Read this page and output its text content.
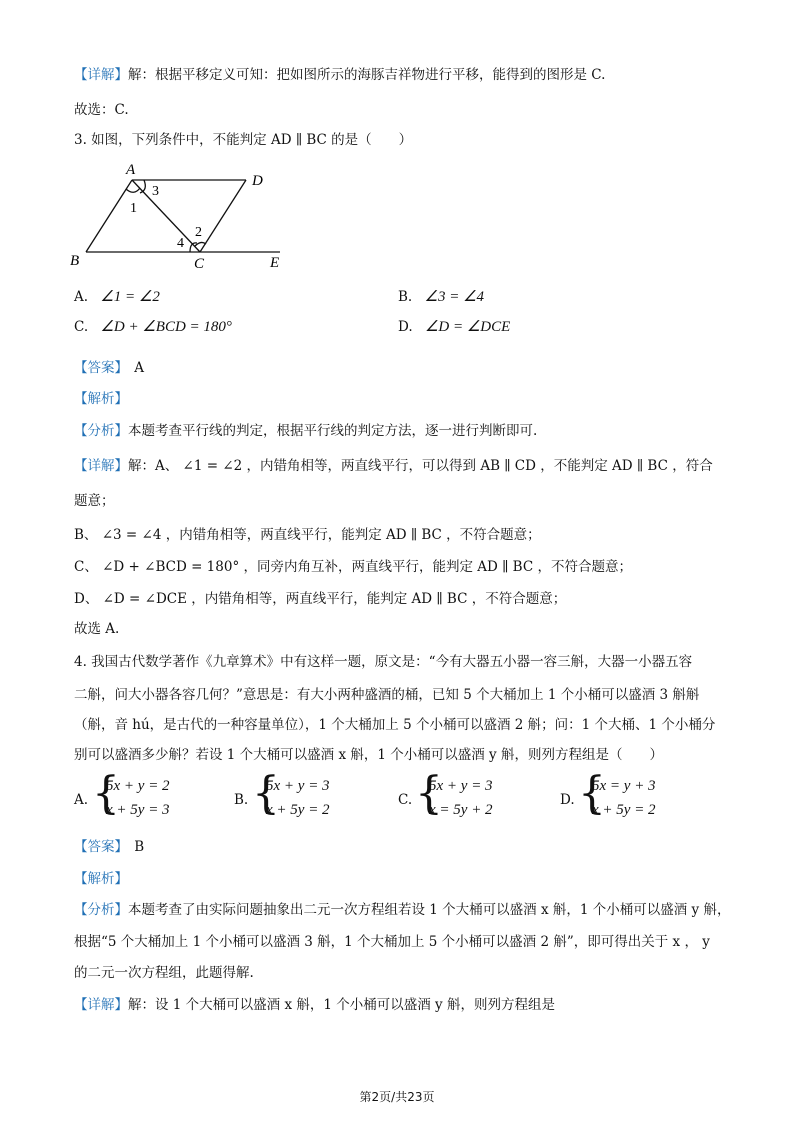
【详解】解：根据平移定义可知：把如图所示的海豚吉祥物进行平移，能得到的图形是 C.
故选：C.
3. 如图，下列条件中，不能判定 AD ∥ BC 的是（　　）
A
D
B	C	E
1
3
2
4
A. ∠1 = ∠2	B. ∠3 = ∠4
C. ∠D + ∠BCD = 180°	D. ∠D = ∠DCE
【答案】 A
【解析】
【分析】本题考查平行线的判定，根据平行线的判定方法，逐一进行判断即可.
【详解】解：A、 ∠1 = ∠2 ，内错角相等，两直线平行，可以得到 AB ∥ CD ，不能判定 AD ∥ BC ，符合
题意；
B、 ∠3 = ∠4 ，内错角相等，两直线平行，能判定 AD ∥ BC ，不符合题意；
C、 ∠D + ∠BCD = 180° ，同旁内角互补，两直线平行，能判定 AD ∥ BC ，不符合题意；
D、 ∠D = ∠DCE ，内错角相等，两直线平行，能判定 AD ∥ BC ，不符合题意；
故选 A.
4. 我国古代数学著作《九章算术》中有这样一题，原文是：“今有大器五小器一容三斛，大器一小器五容
二斛，问大小器各容几何？”意思是：有大小两种盛酒的桶，已知 5 个大桶加上 1 个小桶可以盛酒 3 斛斛
（斛，音 hú，是古代的一种容量单位），1 个大桶加上 5 个小桶可以盛酒 2 斛；问：1 个大桶、1 个小桶分
别可以盛酒多少斛？若设 1 个大桶可以盛酒 x 斛，1 个小桶可以盛酒 y 斛，则列方程组是（　　）
A. {
5x + y = 2
x + 5y = 3
B. {
5x + y = 3
x + 5y = 2
C. {
5x + y = 3
x = 5y + 2
D. {
5x = y + 3
x + 5y = 2
【答案】 B
【解析】
【分析】本题考查了由实际问题抽象出二元一次方程组若设 1 个大桶可以盛酒 x 斛，1 个小桶可以盛酒 y 斛，
根据“5 个大桶加上 1 个小桶可以盛酒 3 斛，1 个大桶加上 5 个小桶可以盛酒 2 斛”，即可得出关于 x ， y
的二元一次方程组，此题得解.
【详解】解：设 1 个大桶可以盛酒 x 斛，1 个小桶可以盛酒 y 斛，则列方程组是
第2页/共23页
